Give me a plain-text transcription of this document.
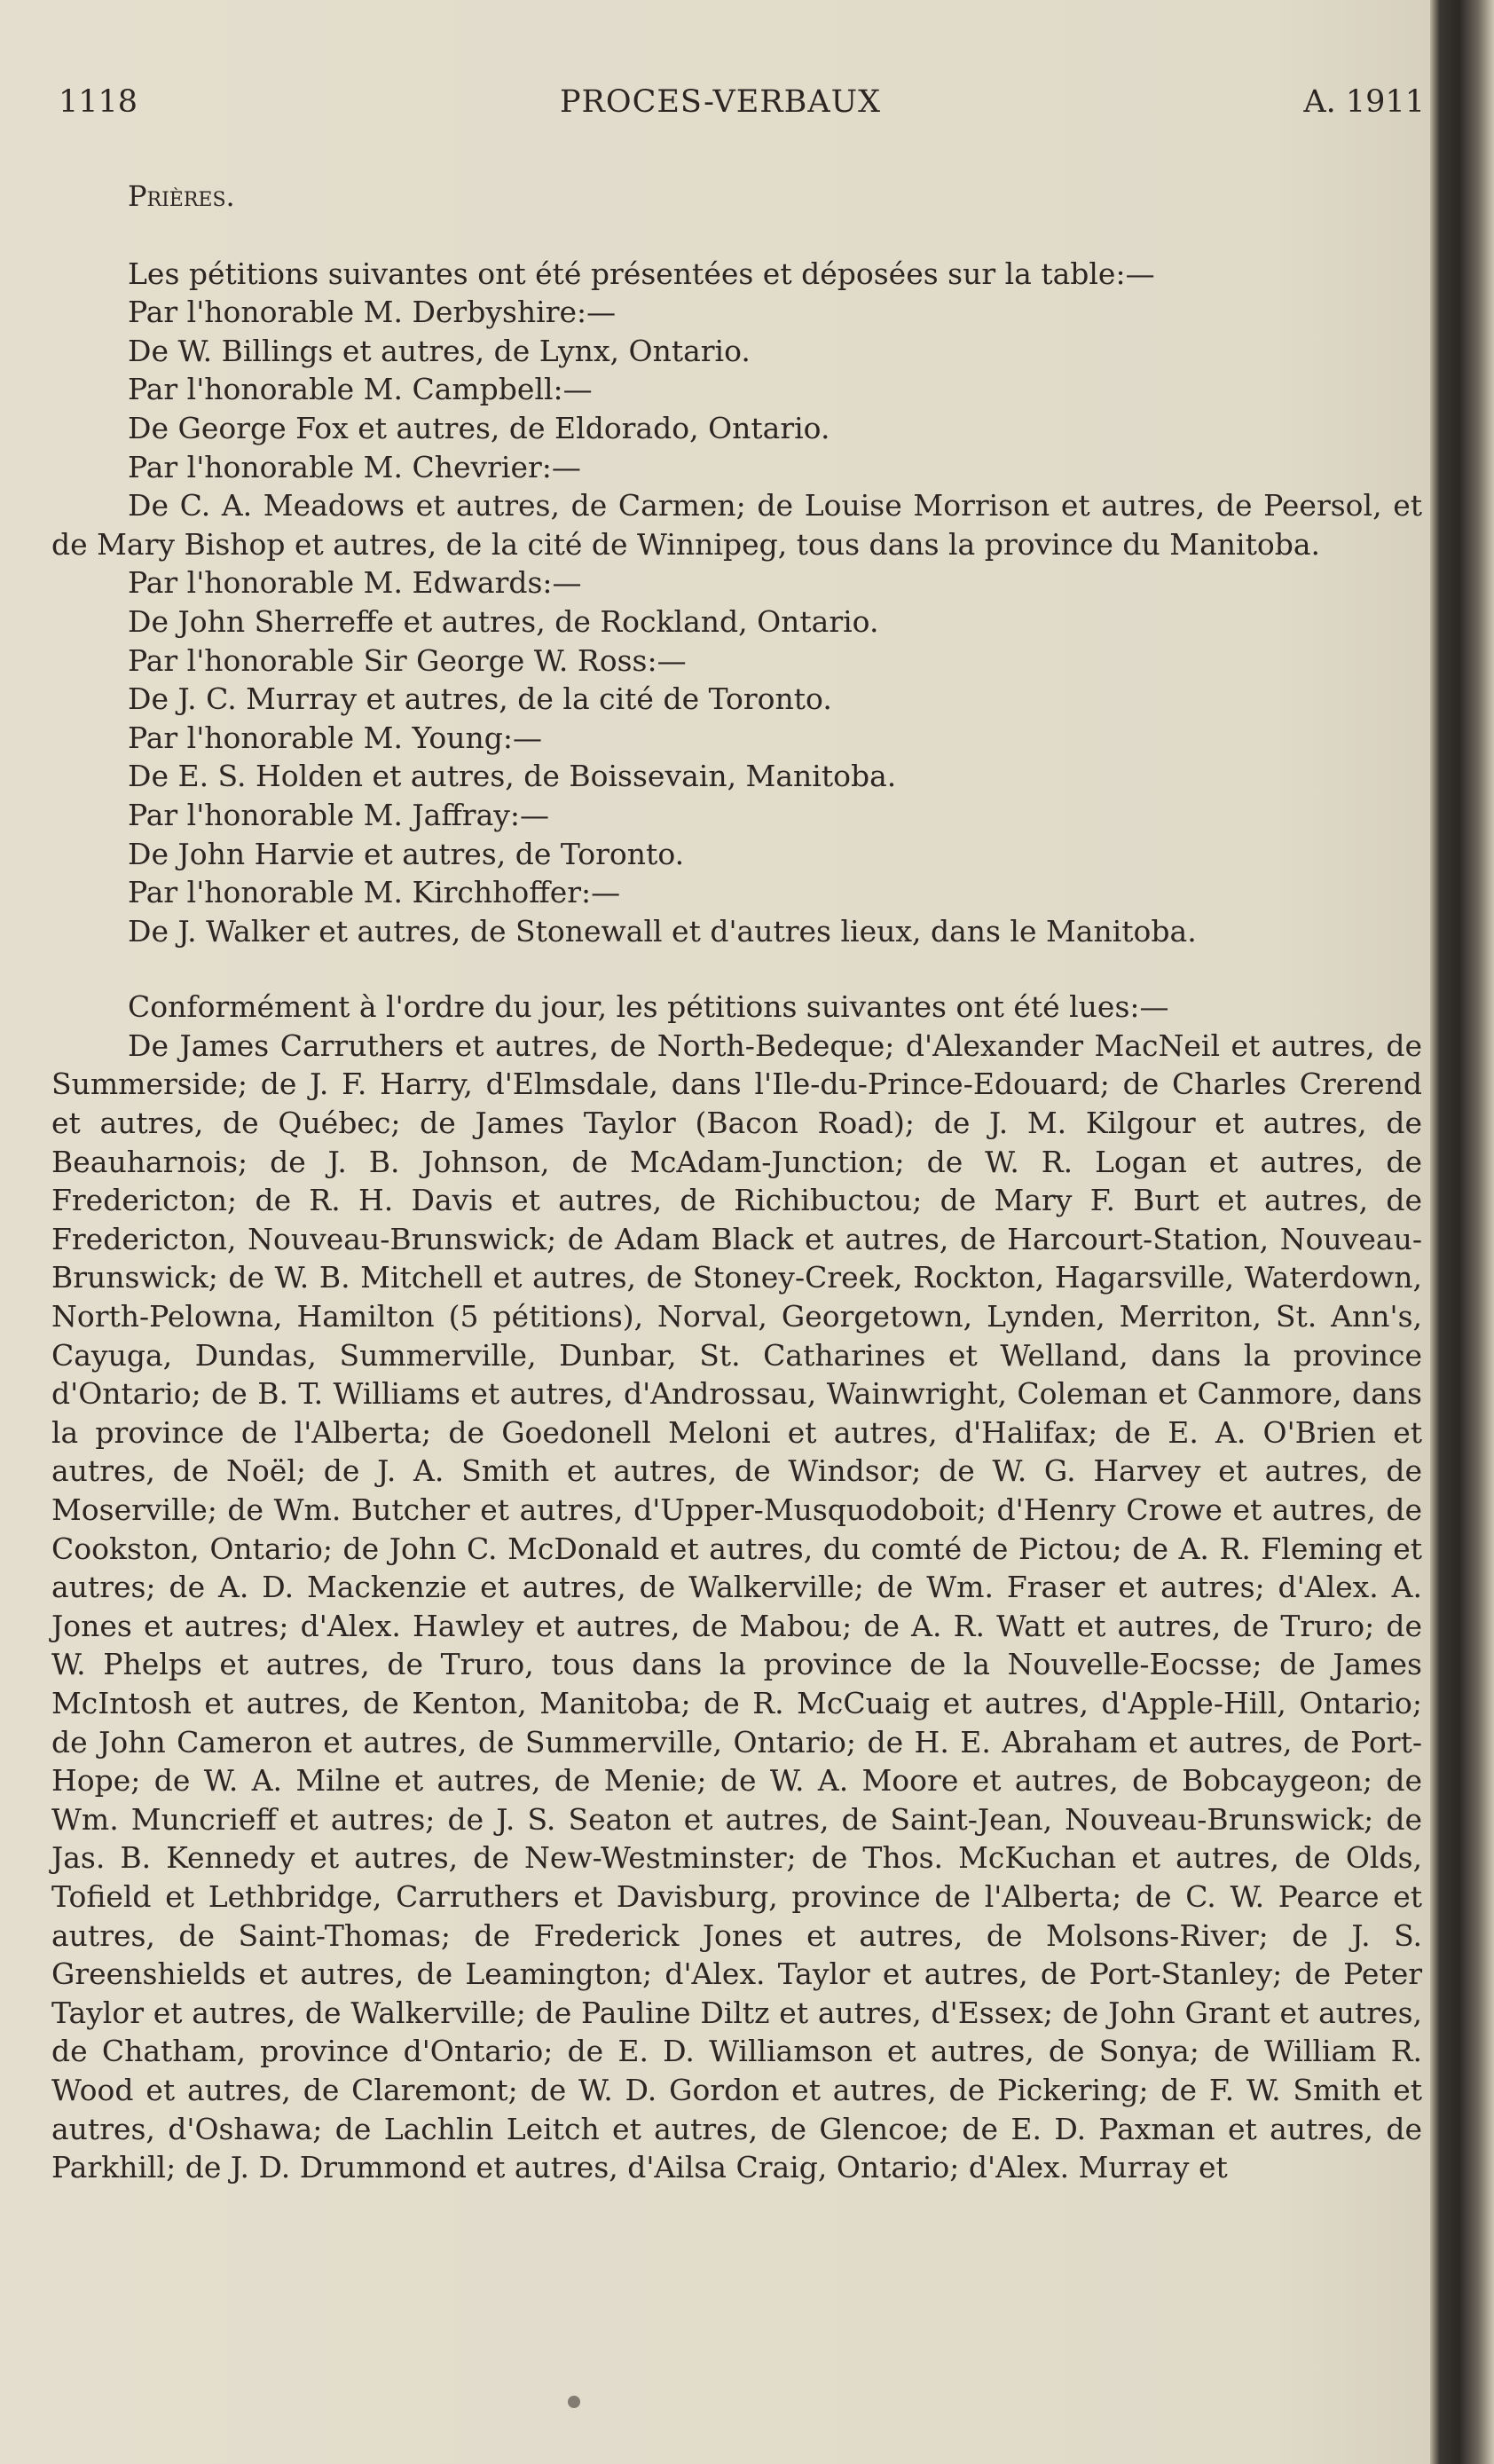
1118	PROCES-VERBAUX	A. 1911

Prières.

Les pétitions suivantes ont été présentées et déposées sur la table:—

Par l'honorable M. Derbyshire:—

De W. Billings et autres, de Lynx, Ontario.

Par l'honorable M. Campbell:—

De George Fox et autres, de Eldorado, Ontario.

Par l'honorable M. Chevrier:—

De C. A. Meadows et autres, de Carmen; de Louise Morrison et autres, de Peersol, et de Mary Bishop et autres, de la cité de Winnipeg, tous dans la province du Manitoba.

Par l'honorable M. Edwards:—

De John Sherreffe et autres, de Rockland, Ontario.

Par l'honorable Sir George W. Ross:—

De J. C. Murray et autres, de la cité de Toronto.

Par l'honorable M. Young:—

De E. S. Holden et autres, de Boissevain, Manitoba.

Par l'honorable M. Jaffray:—

De John Harvie et autres, de Toronto.

Par l'honorable M. Kirchhoffer:—

De J. Walker et autres, de Stonewall et d'autres lieux, dans le Manitoba.

Conformément à l'ordre du jour, les pétitions suivantes ont été lues:—

De James Carruthers et autres, de North-Bedeque; d'Alexander MacNeil et autres, de Summerside; de J. F. Harry, d'Elmsdale, dans l'Ile-du-Prince-Edouard; de Charles Crerend et autres, de Québec; de James Taylor (Bacon Road); de J. M. Kilgour et autres, de Beauharnois; de J. B. Johnson, de McAdam-Junction; de W. R. Logan et autres, de Fredericton; de R. H. Davis et autres, de Richibuctou; de Mary F. Burt et autres, de Fredericton, Nouveau-Brunswick; de Adam Black et autres, de Harcourt-Station, Nouveau-Brunswick; de W. B. Mitchell et autres, de Stoney-Creek, Rockton, Hagarsville, Waterdown, North-Pelowna, Hamilton (5 pétitions), Norval, Georgetown, Lynden, Merriton, St. Ann's, Cayuga, Dundas, Summerville, Dunbar, St. Catharines et Welland, dans la province d'Ontario; de B. T. Williams et autres, d'Androssau, Wainwright, Coleman et Canmore, dans la province de l'Alberta; de Goedonell Meloni et autres, d'Halifax; de E. A. O'Brien et autres, de Noël; de J. A. Smith et autres, de Windsor; de W. G. Harvey et autres, de Moserville; de Wm. Butcher et autres, d'Upper-Musquodoboit; d'Henry Crowe et autres, de Cookston, Ontario; de John C. McDonald et autres, du comté de Pictou; de A. R. Fleming et autres; de A. D. Mackenzie et autres, de Walkerville; de Wm. Fraser et autres; d'Alex. A. Jones et autres; d'Alex. Hawley et autres, de Mabou; de A. R. Watt et autres, de Truro; de W. Phelps et autres, de Truro, tous dans la province de la Nouvelle-Eocsse; de James McIntosh et autres, de Kenton, Manitoba; de R. McCuaig et autres, d'Apple-Hill, Ontario; de John Cameron et autres, de Summerville, Ontario; de H. E. Abraham et autres, de Port-Hope; de W. A. Milne et autres, de Menie; de W. A. Moore et autres, de Bobcaygeon; de Wm. Muncrieff et autres; de J. S. Seaton et autres, de Saint-Jean, Nouveau-Brunswick; de Jas. B. Kennedy et autres, de New-Westminster; de Thos. McKuchan et autres, de Olds, Tofield et Lethbridge, Carruthers et Davisburg, province de l'Alberta; de C. W. Pearce et autres, de Saint-Thomas; de Frederick Jones et autres, de Molsons-River; de J. S. Greenshields et autres, de Leamington; d'Alex. Taylor et autres, de Port-Stanley; de Peter Taylor et autres, de Walkerville; de Pauline Diltz et autres, d'Essex; de John Grant et autres, de Chatham, province d'Ontario; de E. D. Williamson et autres, de Sonya; de William R. Wood et autres, de Claremont; de W. D. Gordon et autres, de Pickering; de F. W. Smith et autres, d'Oshawa; de Lachlin Leitch et autres, de Glencoe; de E. D. Paxman et autres, de Parkhill; de J. D. Drummond et autres, d'Ailsa Craig, Ontario; d'Alex. Murray et
